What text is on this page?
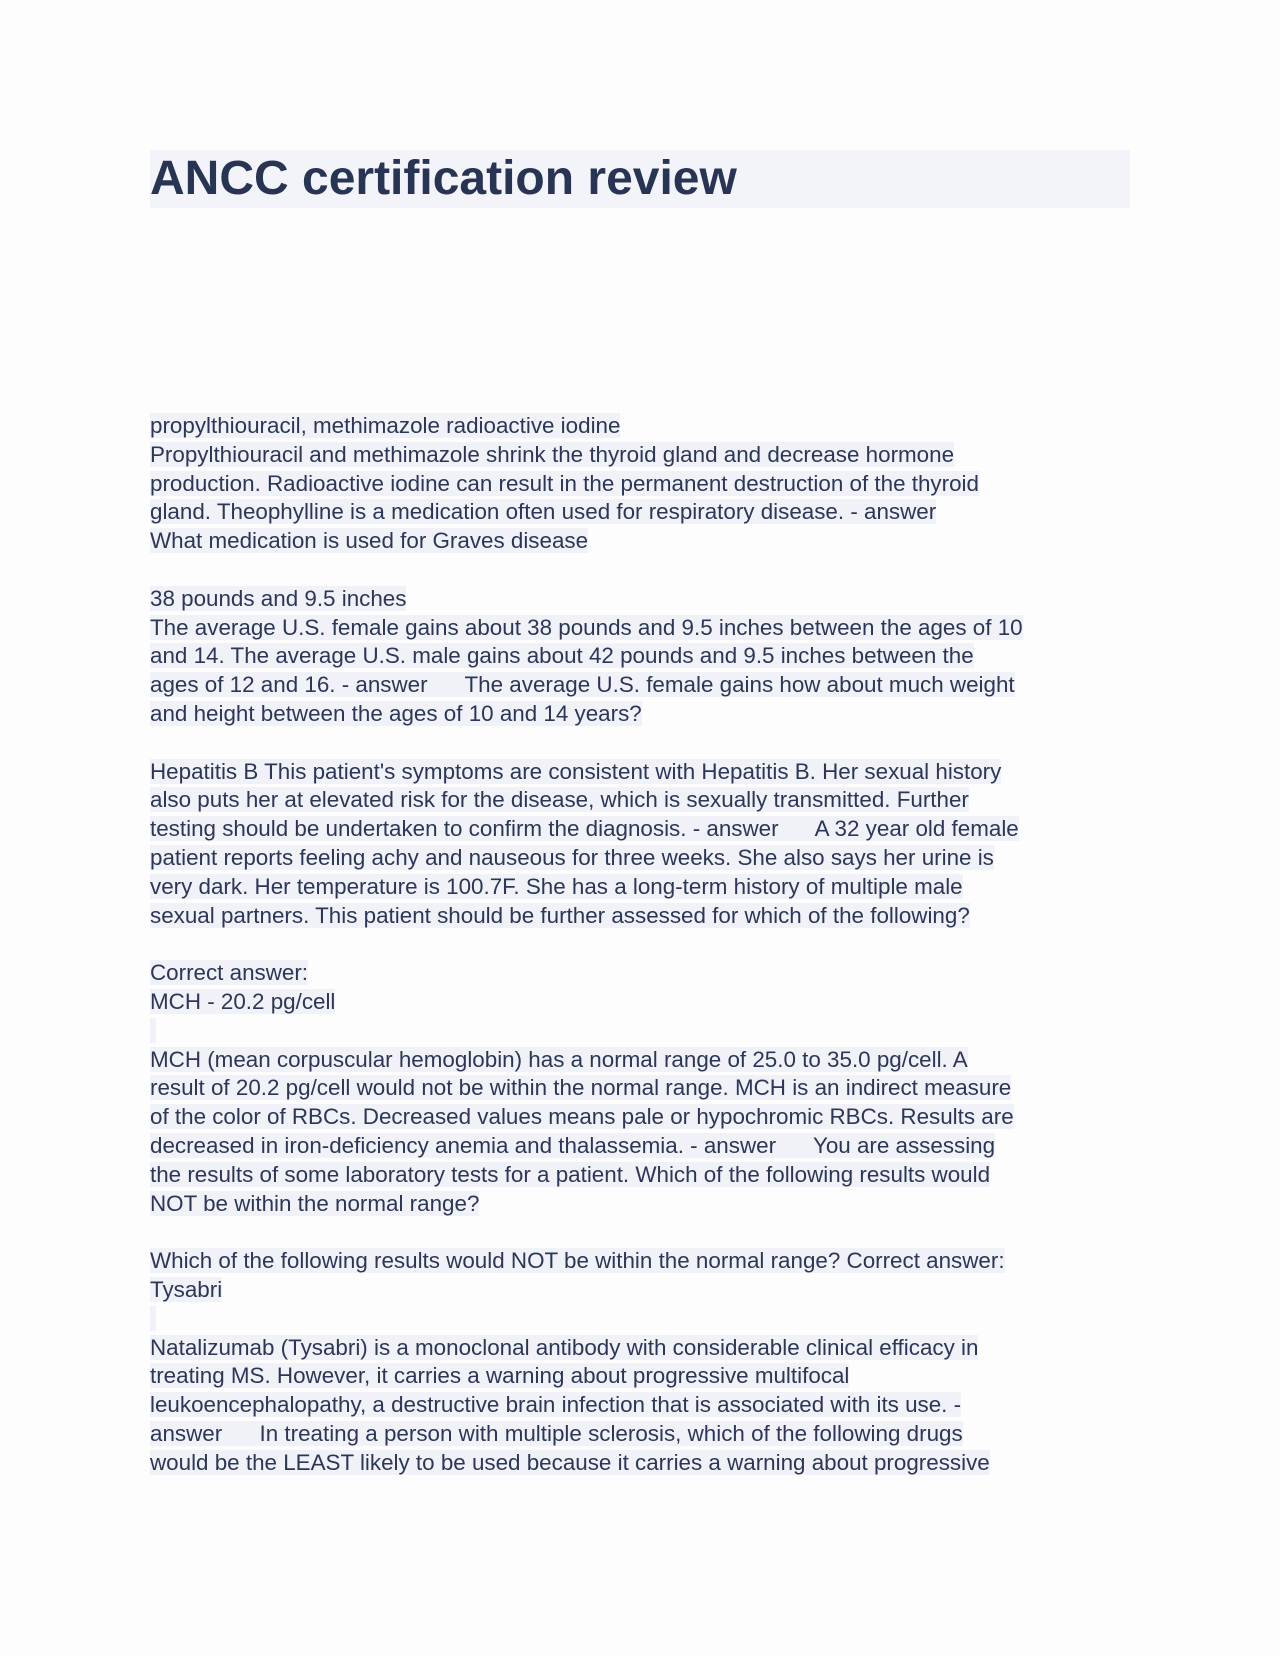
ANCC certification review
propylthiouracil, methimazole radioactive iodine
Propylthiouracil and methimazole shrink the thyroid gland and decrease hormone
production. Radioactive iodine can result in the permanent destruction of the thyroid
gland. Theophylline is a medication often used for respiratory disease. - answer
What medication is used for Graves disease
38 pounds and 9.5 inches
The average U.S. female gains about 38 pounds and 9.5 inches between the ages of 10
and 14. The average U.S. male gains about 42 pounds and 9.5 inches between the
ages of 12 and 16. - answer      The average U.S. female gains how about much weight
and height between the ages of 10 and 14 years?
Hepatitis B This patient's symptoms are consistent with Hepatitis B. Her sexual history
also puts her at elevated risk for the disease, which is sexually transmitted. Further
testing should be undertaken to confirm the diagnosis. - answer      A 32 year old female
patient reports feeling achy and nauseous for three weeks. She also says her urine is
very dark. Her temperature is 100.7F. She has a long-term history of multiple male
sexual partners. This patient should be further assessed for which of the following?
Correct answer:
MCH - 20.2 pg/cell

MCH (mean corpuscular hemoglobin) has a normal range of 25.0 to 35.0 pg/cell. A
result of 20.2 pg/cell would not be within the normal range. MCH is an indirect measure
of the color of RBCs. Decreased values means pale or hypochromic RBCs. Results are
decreased in iron-deficiency anemia and thalassemia. - answer      You are assessing
the results of some laboratory tests for a patient. Which of the following results would
NOT be within the normal range?
Which of the following results would NOT be within the normal range? Correct answer:
Tysabri

Natalizumab (Tysabri) is a monoclonal antibody with considerable clinical efficacy in
treating MS. However, it carries a warning about progressive multifocal
leukoencephalopathy, a destructive brain infection that is associated with its use. -
answer      In treating a person with multiple sclerosis, which of the following drugs
would be the LEAST likely to be used because it carries a warning about progressive
